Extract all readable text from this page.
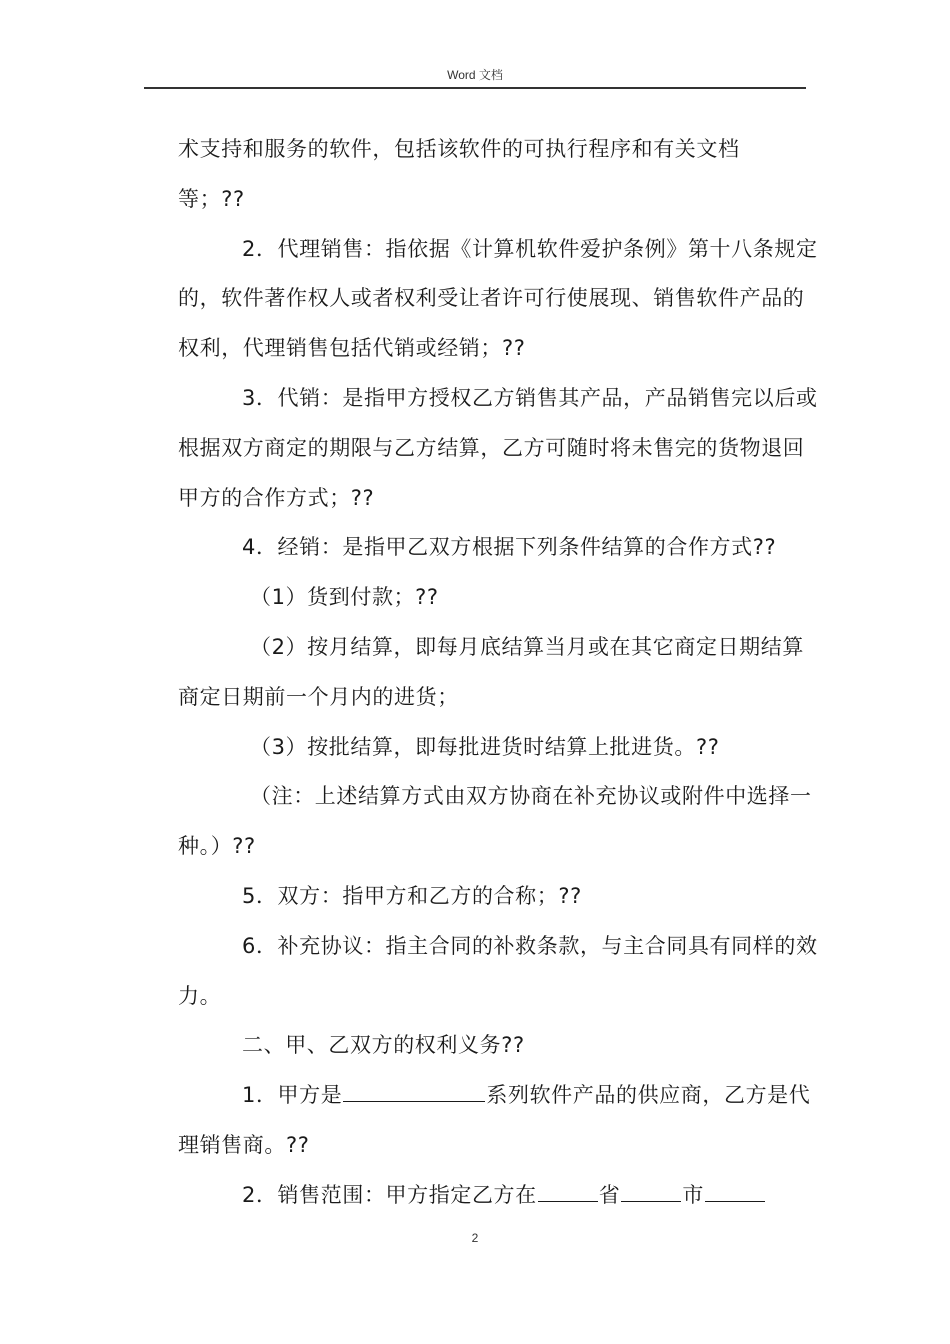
Word 文档

术支持和服务的软件，包括该软件的可执行程序和有关文档

等；??

2．代理销售：指依据《计算机软件爱护条例》第十八条规定的，软件著作权人或者权利受让者许可行使展现、销售软件产品的权利，代理销售包括代销或经销；??

3．代销：是指甲方授权乙方销售其产品，产品销售完以后或根据双方商定的期限与乙方结算，乙方可随时将未售完的货物退回甲方的合作方式；??

4．经销：是指甲乙双方根据下列条件结算的合作方式??

（1）货到付款；??

（2）按月结算，即每月底结算当月或在其它商定日期结算商定日期前一个月内的进货；

（3）按批结算，即每批进货时结算上批进货。??

（注：上述结算方式由双方协商在补充协议或附件中选择一种。）??

5．双方：指甲方和乙方的合称；??

6．补充协议：指主合同的补救条款，与主合同具有同样的效力。

二、甲、乙双方的权利义务??

1．甲方是	系列软件产品的供应商，乙方是代理销售商。??

2．销售范围：甲方指定乙方在	省	市

2
